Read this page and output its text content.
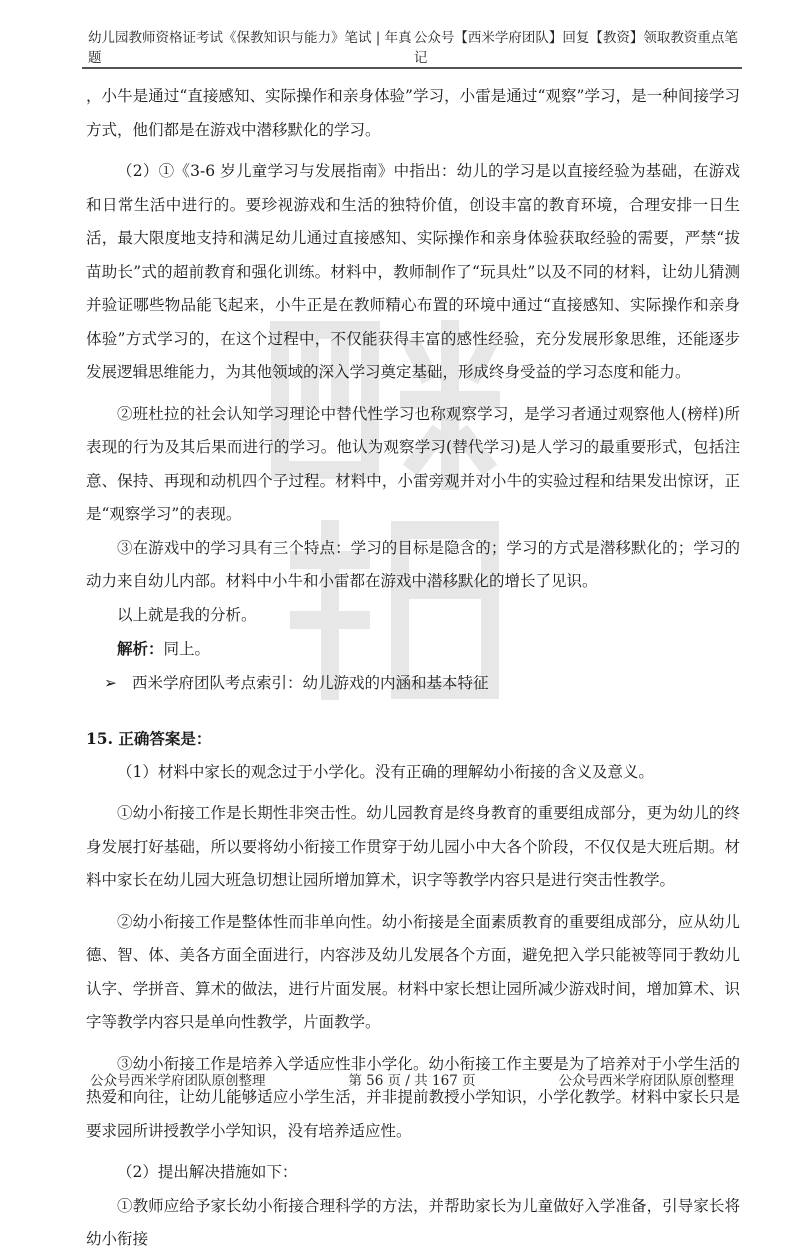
幼儿园教师资格证考试《保教知识与能力》笔试 | 年真题
公众号【西米学府团队】回复【教资】领取教资重点笔记

，小牛是通过“直接感知、实际操作和亲身体验”学习，小雷是通过“观察”学习，是一种间接学习方式，他们都是在游戏中潜移默化的学习。

（2）①《3-6 岁儿童学习与发展指南》中指出：幼儿的学习是以直接经验为基础，在游戏和日常生活中进行的。要珍视游戏和生活的独特价值，创设丰富的教育环境，合理安排一日生活，最大限度地支持和满足幼儿通过直接感知、实际操作和亲身体验获取经验的需要，严禁“拔苗助长”式的超前教育和强化训练。材料中，教师制作了“玩具灶”以及不同的材料，让幼儿猜测并验证哪些物品能飞起来，小牛正是在教师精心布置的环境中通过“直接感知、实际操作和亲身体验”方式学习的，在这个过程中，不仅能获得丰富的感性经验，充分发展形象思维，还能逐步发展逻辑思维能力，为其他领域的深入学习奠定基础，形成终身受益的学习态度和能力。

②班杜拉的社会认知学习理论中替代性学习也称观察学习，是学习者通过观察他人(榜样)所表现的行为及其后果而进行的学习。他认为观察学习(替代学习)是人学习的最重要形式，包括注意、保持、再现和动机四个子过程。材料中，小雷旁观并对小牛的实验过程和结果发出惊讶，正是“观察学习”的表现。

③在游戏中的学习具有三个特点：学习的目标是隐含的；学习的方式是潜移默化的；学习的动力来自幼儿内部。材料中小牛和小雷都在游戏中潜移默化的增长了见识。

以上就是我的分析。

解析：同上。

➢ 西米学府团队考点索引：幼儿游戏的内涵和基本特征

15. 正确答案是：

（1）材料中家长的观念过于小学化。没有正确的理解幼小衔接的含义及意义。

①幼小衔接工作是长期性非突击性。幼儿园教育是终身教育的重要组成部分，更为幼儿的终身发展打好基础，所以要将幼小衔接工作贯穿于幼儿园小中大各个阶段，不仅仅是大班后期。材料中家长在幼儿园大班急切想让园所增加算术，识字等教学内容只是进行突击性教学。

②幼小衔接工作是整体性而非单向性。幼小衔接是全面素质教育的重要组成部分，应从幼儿德、智、体、美各方面全面进行，内容涉及幼儿发展各个方面，避免把入学只能被等同于教幼儿认字、学拼音、算术的做法，进行片面发展。材料中家长想让园所减少游戏时间，增加算术、识字等教学内容只是单向性教学，片面教学。

③幼小衔接工作是培养入学适应性非小学化。幼小衔接工作主要是为了培养对于小学生活的热爱和向往，让幼儿能够适应小学生活，并非提前教授小学知识，小学化教学。材料中家长只是要求园所讲授教学小学知识，没有培养适应性。

（2）提出解决措施如下：

①教师应给予家长幼小衔接合理科学的方法，并帮助家长为儿童做好入学准备，引导家长将幼小衔接

公众号西米学府团队原创整理	第 56 页 / 共 167 页	公众号西米学府团队原创整理
